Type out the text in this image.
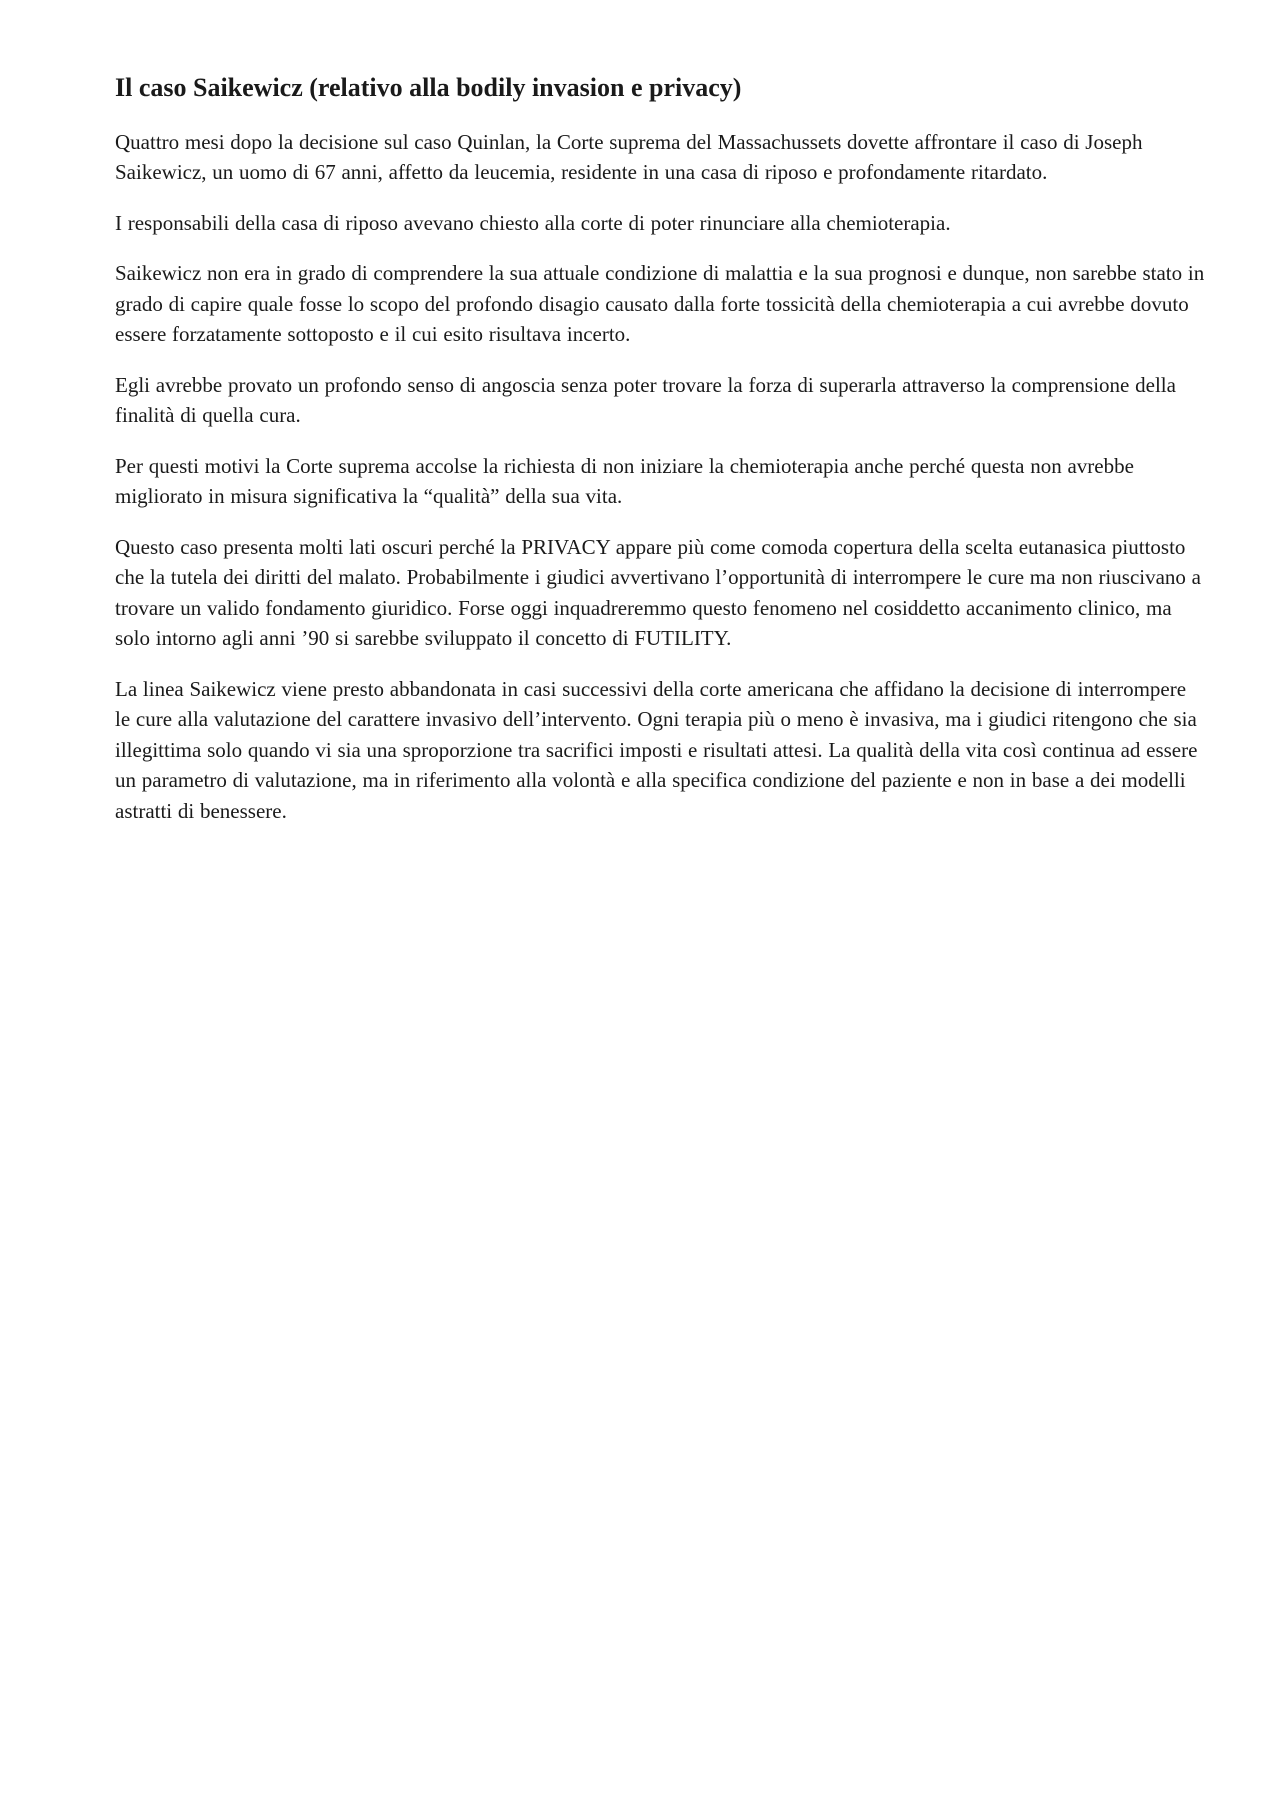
Il caso Saikewicz (relativo alla bodily invasion e privacy)

Quattro mesi dopo la decisione sul caso Quinlan, la Corte suprema del Massachussets dovette affrontare il caso di Joseph Saikewicz, un uomo di 67 anni, affetto da leucemia, residente in una casa di riposo e profondamente ritardato.

I responsabili della casa di riposo avevano chiesto alla corte di poter rinunciare alla chemioterapia.

Saikewicz non era in grado di comprendere la sua attuale condizione di malattia e la sua prognosi e dunque, non sarebbe stato in grado di capire quale fosse lo scopo del profondo disagio causato dalla forte tossicità della chemioterapia a cui avrebbe dovuto essere forzatamente sottoposto e il cui esito risultava incerto.

Egli avrebbe provato un profondo senso di angoscia senza poter trovare la forza di superarla attraverso la comprensione della finalità di quella cura.

Per questi motivi la Corte suprema accolse la richiesta di non iniziare la chemioterapia anche perché questa non avrebbe migliorato in misura significativa la “qualità” della sua vita.

Questo caso presenta molti lati oscuri perché la PRIVACY appare più come comoda copertura della scelta eutanasica piuttosto che la tutela dei diritti del malato. Probabilmente i giudici avvertivano l’opportunità di interrompere le cure ma non riuscivano a trovare un valido fondamento giuridico. Forse oggi inquadreremmo questo fenomeno nel cosiddetto accanimento clinico, ma solo intorno agli anni ’90 si sarebbe sviluppato il concetto di FUTILITY.

La linea Saikewicz viene presto abbandonata in casi successivi della corte americana che affidano la decisione di interrompere le cure alla valutazione del carattere invasivo dell’intervento. Ogni terapia più o meno è invasiva, ma i giudici ritengono che sia illegittima solo quando vi sia una sproporzione tra sacrifici imposti e risultati attesi. La qualità della vita così continua ad essere un parametro di valutazione, ma in riferimento alla volontà e alla specifica condizione del paziente e non in base a dei modelli astratti di benessere.
